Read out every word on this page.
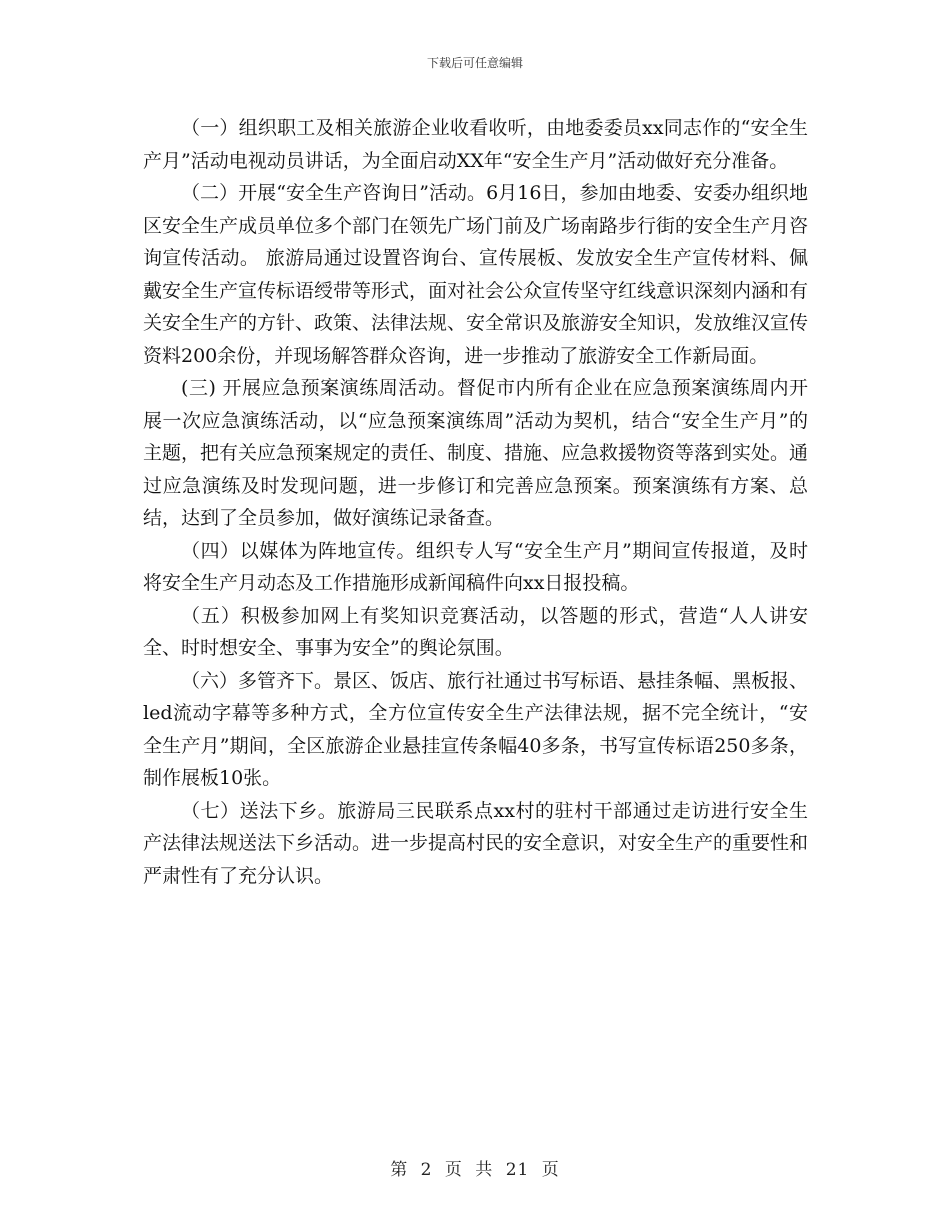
下载后可任意编辑

（一）组织职工及相关旅游企业收看收听，由地委委员xx同志作的“安全生产月”活动电视动员讲话，为全面启动XX年“安全生产月”活动做好充分准备。

（二）开展“安全生产咨询日”活动。6月16日，参加由地委、安委办组织地区安全生产成员单位多个部门在领先广场门前及广场南路步行街的安全生产月咨询宣传活动。 旅游局通过设置咨询台、宣传展板、发放安全生产宣传材料、佩戴安全生产宣传标语绶带等形式，面对社会公众宣传坚守红线意识深刻内涵和有关安全生产的方针、政策、法律法规、安全常识及旅游安全知识，发放维汉宣传资料200余份，并现场解答群众咨询，进一步推动了旅游安全工作新局面。

(三) 开展应急预案演练周活动。督促市内所有企业在应急预案演练周内开展一次应急演练活动，以“应急预案演练周”活动为契机，结合“安全生产月”的主题，把有关应急预案规定的责任、制度、措施、应急救援物资等落到实处。通过应急演练及时发现问题，进一步修订和完善应急预案。预案演练有方案、总结，达到了全员参加，做好演练记录备查。

（四）以媒体为阵地宣传。组织专人写“安全生产月”期间宣传报道，及时将安全生产月动态及工作措施形成新闻稿件向xx日报投稿。

（五）积极参加网上有奖知识竞赛活动，以答题的形式，营造“人人讲安全、时时想安全、事事为安全”的舆论氛围。

（六）多管齐下。景区、饭店、旅行社通过书写标语、悬挂条幅、黑板报、led流动字幕等多种方式，全方位宣传安全生产法律法规，据不完全统计，“安全生产月”期间，全区旅游企业悬挂宣传条幅40多条，书写宣传标语250多条，制作展板10张。

（七）送法下乡。旅游局三民联系点xx村的驻村干部通过走访进行安全生产法律法规送法下乡活动。进一步提高村民的安全意识，对安全生产的重要性和严肃性有了充分认识。

第 2 页 共 21 页
